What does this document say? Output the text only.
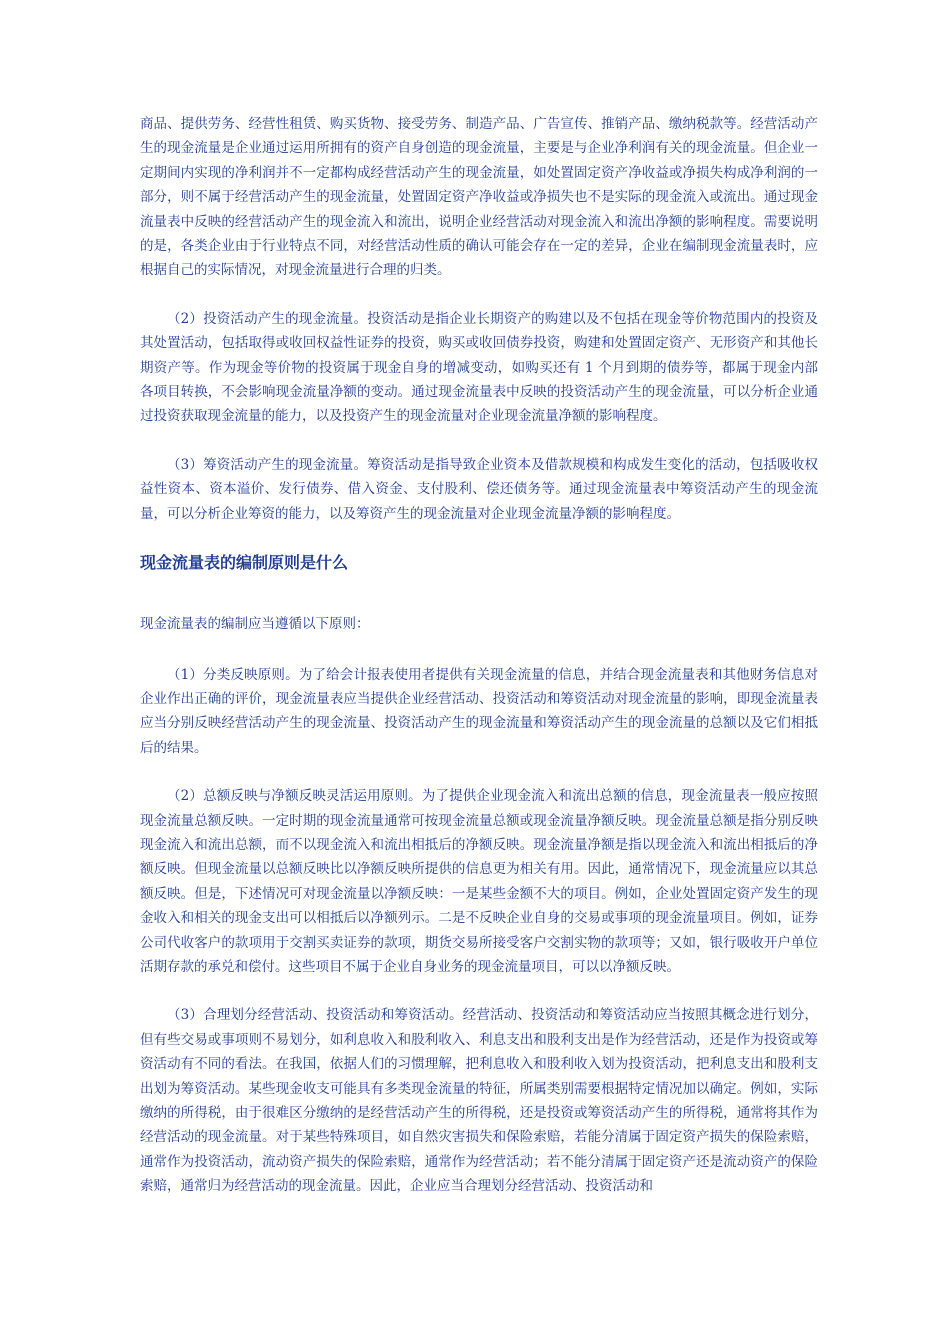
商品、提供劳务、经营性租赁、购买货物、接受劳务、制造产品、广告宣传、推销产品、缴纳税款等。经营活动产生的现金流量是企业通过运用所拥有的资产自身创造的现金流量，主要是与企业净利润有关的现金流量。但企业一定期间内实现的净利润并不一定都构成经营活动产生的现金流量，如处置固定资产净收益或净损失构成净利润的一部分，则不属于经营活动产生的现金流量，处置固定资产净收益或净损失也不是实际的现金流入或流出。通过现金流量表中反映的经营活动产生的现金流入和流出，说明企业经营活动对现金流入和流出净额的影响程度。需要说明的是，各类企业由于行业特点不同，对经营活动性质的确认可能会存在一定的差异，企业在编制现金流量表时，应根据自己的实际情况，对现金流量进行合理的归类。

（2）投资活动产生的现金流量。投资活动是指企业长期资产的购建以及不包括在现金等价物范围内的投资及其处置活动，包括取得或收回权益性证券的投资，购买或收回债券投资，购建和处置固定资产、无形资产和其他长期资产等。作为现金等价物的投资属于现金自身的增减变动，如购买还有 1 个月到期的债券等，都属于现金内部各项目转换，不会影响现金流量净额的变动。通过现金流量表中反映的投资活动产生的现金流量，可以分析企业通过投资获取现金流量的能力，以及投资产生的现金流量对企业现金流量净额的影响程度。

（3）筹资活动产生的现金流量。筹资活动是指导致企业资本及借款规模和构成发生变化的活动，包括吸收权益性资本、资本溢价、发行债券、借入资金、支付股利、偿还债务等。通过现金流量表中筹资活动产生的现金流量，可以分析企业筹资的能力，以及筹资产生的现金流量对企业现金流量净额的影响程度。

现金流量表的编制原则是什么

现金流量表的编制应当遵循以下原则：

（1）分类反映原则。为了给会计报表使用者提供有关现金流量的信息，并结合现金流量表和其他财务信息对企业作出正确的评价，现金流量表应当提供企业经营活动、投资活动和筹资活动对现金流量的影响，即现金流量表应当分别反映经营活动产生的现金流量、投资活动产生的现金流量和筹资活动产生的现金流量的总额以及它们相抵后的结果。

（2）总额反映与净额反映灵活运用原则。为了提供企业现金流入和流出总额的信息，现金流量表一般应按照现金流量总额反映。一定时期的现金流量通常可按现金流量总额或现金流量净额反映。现金流量总额是指分别反映现金流入和流出总额，而不以现金流入和流出相抵后的净额反映。现金流量净额是指以现金流入和流出相抵后的净额反映。但现金流量以总额反映比以净额反映所提供的信息更为相关有用。因此，通常情况下，现金流量应以其总额反映。但是，下述情况可对现金流量以净额反映：一是某些金额不大的项目。例如，企业处置固定资产发生的现金收入和相关的现金支出可以相抵后以净额列示。二是不反映企业自身的交易或事项的现金流量项目。例如，证券公司代收客户的款项用于交割买卖证券的款项，期货交易所接受客户交割实物的款项等；又如，银行吸收开户单位活期存款的承兑和偿付。这些项目不属于企业自身业务的现金流量项目，可以以净额反映。

（3）合理划分经营活动、投资活动和筹资活动。经营活动、投资活动和筹资活动应当按照其概念进行划分，但有些交易或事项则不易划分，如利息收入和股利收入、利息支出和股利支出是作为经营活动，还是作为投资或筹资活动有不同的看法。在我国，依据人们的习惯理解，把利息收入和股利收入划为投资活动，把利息支出和股利支出划为筹资活动。某些现金收支可能具有多类现金流量的特征，所属类别需要根据特定情况加以确定。例如，实际缴纳的所得税，由于很难区分缴纳的是经营活动产生的所得税，还是投资或筹资活动产生的所得税，通常将其作为经营活动的现金流量。对于某些特殊项目，如自然灾害损失和保险索赔，若能分清属于固定资产损失的保险索赔，通常作为投资活动，流动资产损失的保险索赔，通常作为经营活动；若不能分清属于固定资产还是流动资产的保险索赔，通常归为经营活动的现金流量。因此，企业应当合理划分经营活动、投资活动和
